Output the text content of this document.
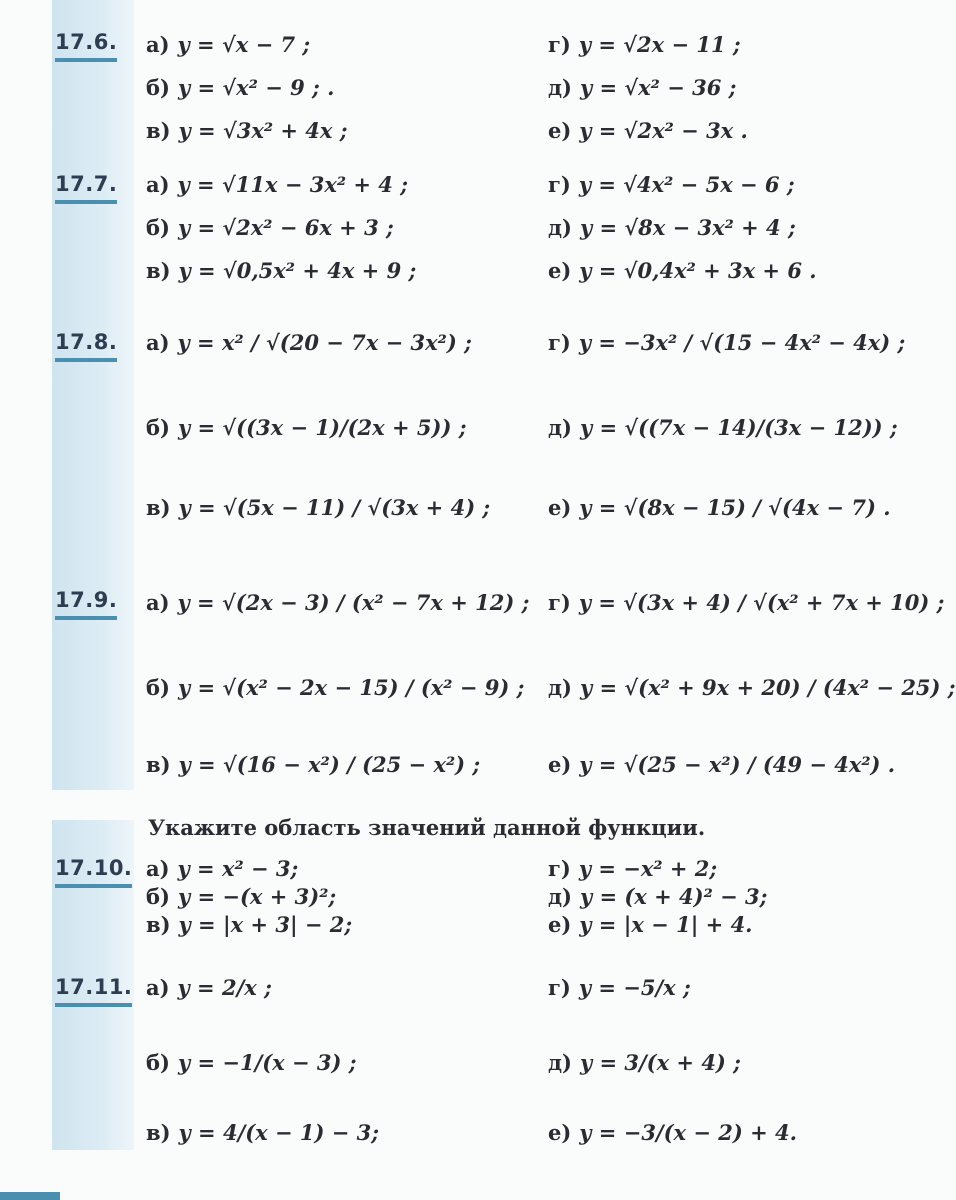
17.6.
17.7.
17.8.
17.9.
17.10.
17.11.
Укажите область значений данной функции.
а) y = √x − 7 ;
б) y = √x² − 9 ; .
в) y = √3x² + 4x ;
г) y = √2x − 11 ;
д) y = √x² − 36 ;
е) y = √2x² − 3x .
а) y = √11x − 3x² + 4 ;
б) y = √2x² − 6x + 3 ;
в) y = √0,5x² + 4x + 9 ;
г) y = √4x² − 5x − 6 ;
д) y = √8x − 3x² + 4 ;
е) y = √0,4x² + 3x + 6 .
а) y = x² / √(20 − 7x − 3x²) ;
б) y = √((3x − 1)/(2x + 5)) ;
в) y = √(5x − 11) / √(3x + 4) ;
г) y = −3x² / √(15 − 4x² − 4x) ;
д) y = √((7x − 14)/(3x − 12)) ;
е) y = √(8x − 15) / √(4x − 7) .
а) y = √(2x − 3) / (x² − 7x + 12) ;
б) y = √(x² − 2x − 15) / (x² − 9) ;
в) y = √(16 − x²) / (25 − x²) ;
г) y = √(3x + 4) / √(x² + 7x + 10) ;
д) y = √(x² + 9x + 20) / (4x² − 25) ;
е) y = √(25 − x²) / (49 − 4x²) .
а) y = x² − 3;
б) y = −(x + 3)²;
в) y = |x + 3| − 2;
г) y = −x² + 2;
д) y = (x + 4)² − 3;
е) y = |x − 1| + 4.
а) y = 2/x ;
б) y = −1/(x − 3) ;
в) y = 4/(x − 1) − 3;
г) y = −5/x ;
д) y = 3/(x + 4) ;
е) y = −3/(x − 2) + 4.
